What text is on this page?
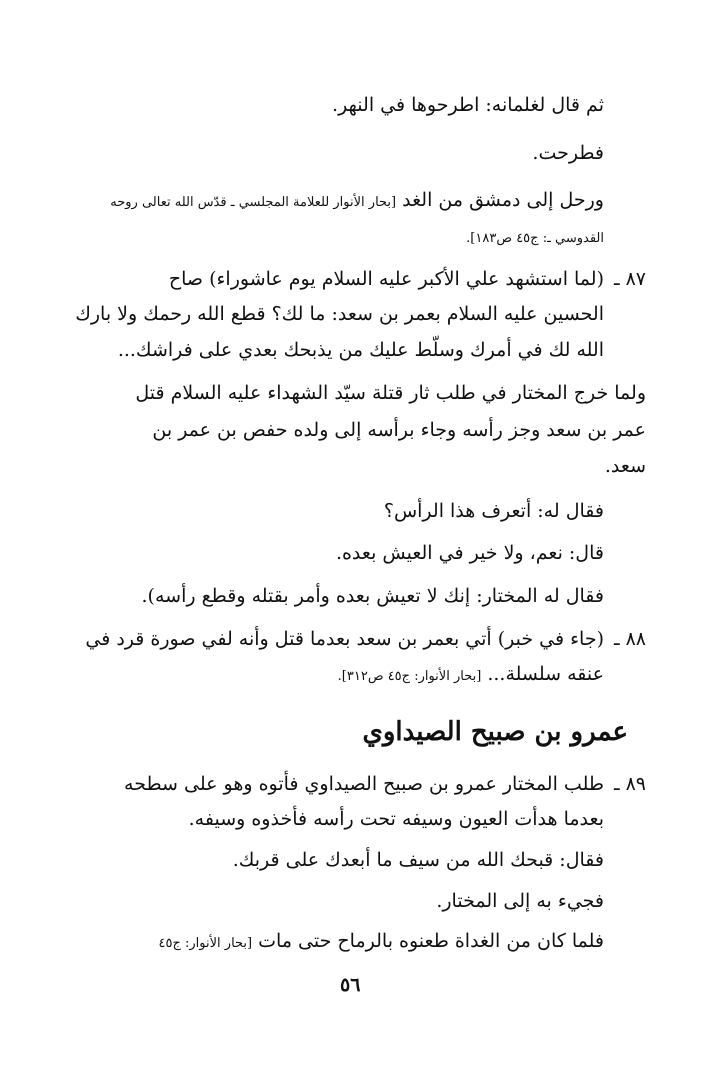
ثم قال لغلمانه: اطرحوها في النهر.
فطرحت.
ورحل إلى دمشق من الغد [بحار الأنوار للعلامة المجلسي ـ قدّس الله تعالى روحه
القدوسي ـ: ج٤٥ ص١٨٣].
٨٧ ـ
(لما استشهد علي الأكبر عليه السلام يوم عاشوراء) صاح
الحسين عليه السلام بعمر بن سعد: ما لك؟ قطع الله رحمك ولا بارك
الله لك في أمرك وسلّط عليك من يذبحك بعدي على فراشك...
ولما خرج المختار في طلب ثار قتلة سيّد الشهداء عليه السلام قتل
عمر بن سعد وجز رأسه وجاء برأسه إلى ولده حفص بن عمر بن
سعد.
فقال له: أتعرف هذا الرأس؟
قال: نعم، ولا خير في العيش بعده.
فقال له المختار: إنك لا تعيش بعده وأمر بقتله وقطع رأسه).
٨٨ ـ
(جاء في خبر) أتي بعمر بن سعد بعدما قتل وأنه لفي صورة قرد في
عنقه سلسلة... [بحار الأنوار: ج٤٥ ص٣١٢].
عمرو بن صبيح الصيداوي
٨٩ ـ
طلب المختار عمرو بن صبيح الصيداوي فأتوه وهو على سطحه
بعدما هدأت العيون وسيفه تحت رأسه فأخذوه وسيفه.
فقال: قبحك الله من سيف ما أبعدك على قربك.
فجيء به إلى المختار.
فلما كان من الغداة طعنوه بالرماح حتى مات [بحار الأنوار: ج٤٥
٥٦
